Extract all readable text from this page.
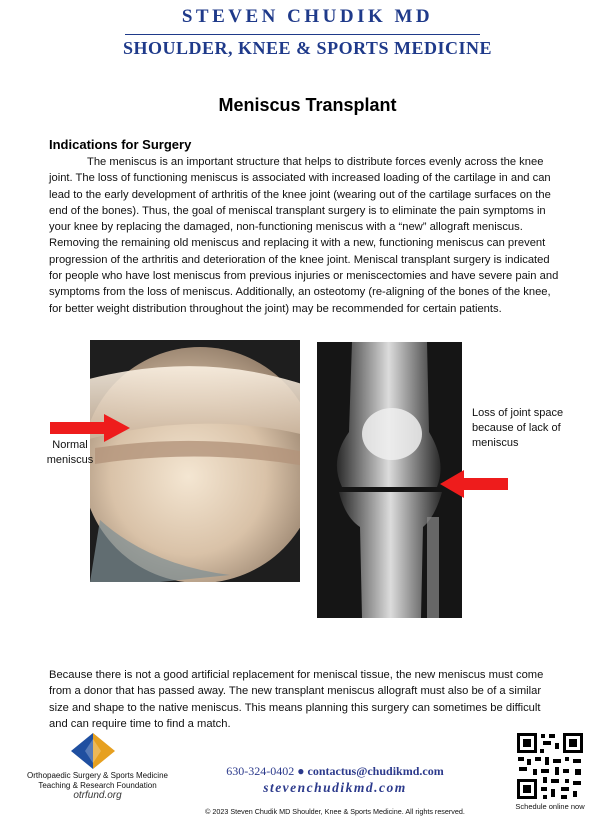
STEVEN CHUDIK MD
SHOULDER, KNEE & SPORTS MEDICINE
Meniscus Transplant
Indications for Surgery
The meniscus is an important structure that helps to distribute forces evenly across the knee joint. The loss of functioning meniscus is associated with increased loading of the cartilage in and can lead to the early development of arthritis of the knee joint (wearing out of the cartilage surfaces on the end of the bones). Thus, the goal of meniscal transplant surgery is to eliminate the pain symptoms in your knee by replacing the damaged, non-functioning meniscus with a “new” allograft meniscus. Removing the remaining old meniscus and replacing it with a new, functioning meniscus can prevent progression of the arthritis and deterioration of the knee joint. Meniscal transplant surgery is indicated for people who have lost meniscus from previous injuries or meniscectomies and have severe pain and symptoms from the loss of meniscus. Additionally, an osteotomy (re-aligning of the bones of the knee, for better weight distribution throughout the joint) may be recommended for certain patients.
Normal meniscus
Loss of joint space because of lack of meniscus
Because there is not a good artificial replacement for meniscal tissue, the new meniscus must come from a donor that has passed away. The new transplant meniscus allograft must also be of a similar size and shape to the native meniscus. This means planning this surgery can sometimes be difficult and can require time to find a match.
Orthopaedic Surgery & Sports Medicine
Teaching & Research Foundation
otrfund.org
630-324-0402 ● contactus@chudikmd.com
stevenchudikmd.com
© 2023 Steven Chudik MD Shoulder, Knee & Sports Medicine. All rights reserved.
Schedule online now
